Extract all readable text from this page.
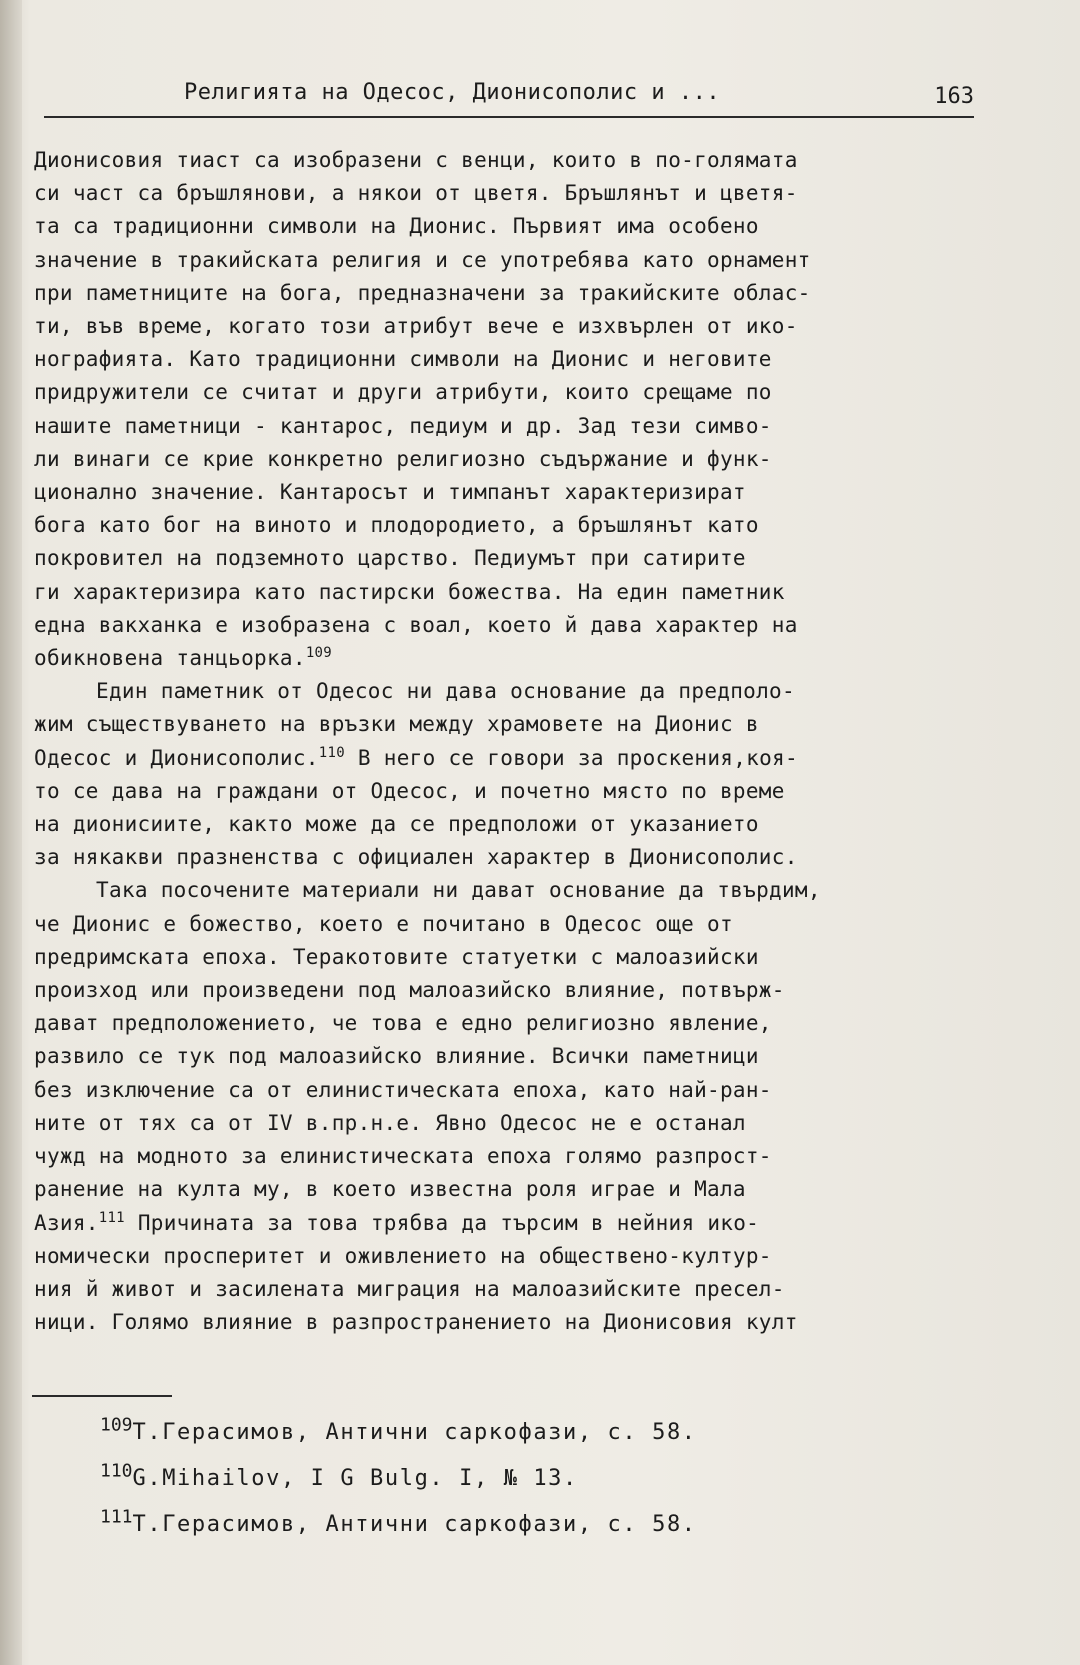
Религията на Одесос, Дионисополис и ...	163
Дионисовия тиаст са изобразени с венци, които в по-голямата
си част са бръшлянови, а някои от цветя. Бръшлянът и цветя-
та са традиционни символи на Дионис. Първият има особено
значение в тракийската религия и се употребява като орнамент
при паметниците на бога, предназначени за тракийските облас-
ти, във време, когато този атрибут вече е изхвърлен от ико-
нографията. Като традиционни символи на Дионис и неговите
придружители се считат и други атрибути, които срещаме по
нашите паметници - кантарос, педиум и др. Зад тези симво-
ли винаги се крие конкретно религиозно съдържание и функ-
ционално значение. Кантаросът и тимпанът характеризират
бога като бог на виното и плодородието, а бръшлянът като
покровител на подземното царство. Педиумът при сатирите
ги характеризира като пастирски божества. На един паметник
една вакханка е изобразена с воал, което й дава характер на
обикновена танцьорка.$^{109}$
Един паметник от Одесос ни дава основание да предполо-
жим съществуването на връзки между храмовете на Дионис в
Одесос и Дионисополис.$^{110}$ В него се говори за проскения,коя-
то се дава на граждани от Одесос, и почетно място по време
на дионисиите, както може да се предположи от указанието
за някакви празненства с официален характер в Дионисополис.
Така посочените материали ни дават основание да твърдим,
че Дионис е божество, което е почитано в Одесос още от
предримската епоха. Теракотовите статуетки с малоазийски
произход или произведени под малоазийско влияние, потвърж-
дават предположението, че това е едно религиозно явление,
развило се тук под малоазийско влияние. Всички паметници
без изключение са от елинистическата епоха, като най-ран-
ните от тях са от IV в.пр.н.е. Явно Одесос не е останал
чужд на модното за елинистическата епоха голямо разпрост-
ранение на култа му, в което известна роля играе и Мала
Азия.$^{111}$ Причината за това трябва да търсим в нейния ико-
номически просперитет и оживлението на обществено-култур-
ния й живот и засилената миграция на малоазийските пресел-
ници. Голямо влияние в разпространението на Дионисовия култ
$^{109}$Т.Герасимов, Антични саркофази, с. 58.
$^{110}$G.Mihailov, I G Bulg. I, № 13.
$^{111}$Т.Герасимов, Антични саркофази, с. 58.
